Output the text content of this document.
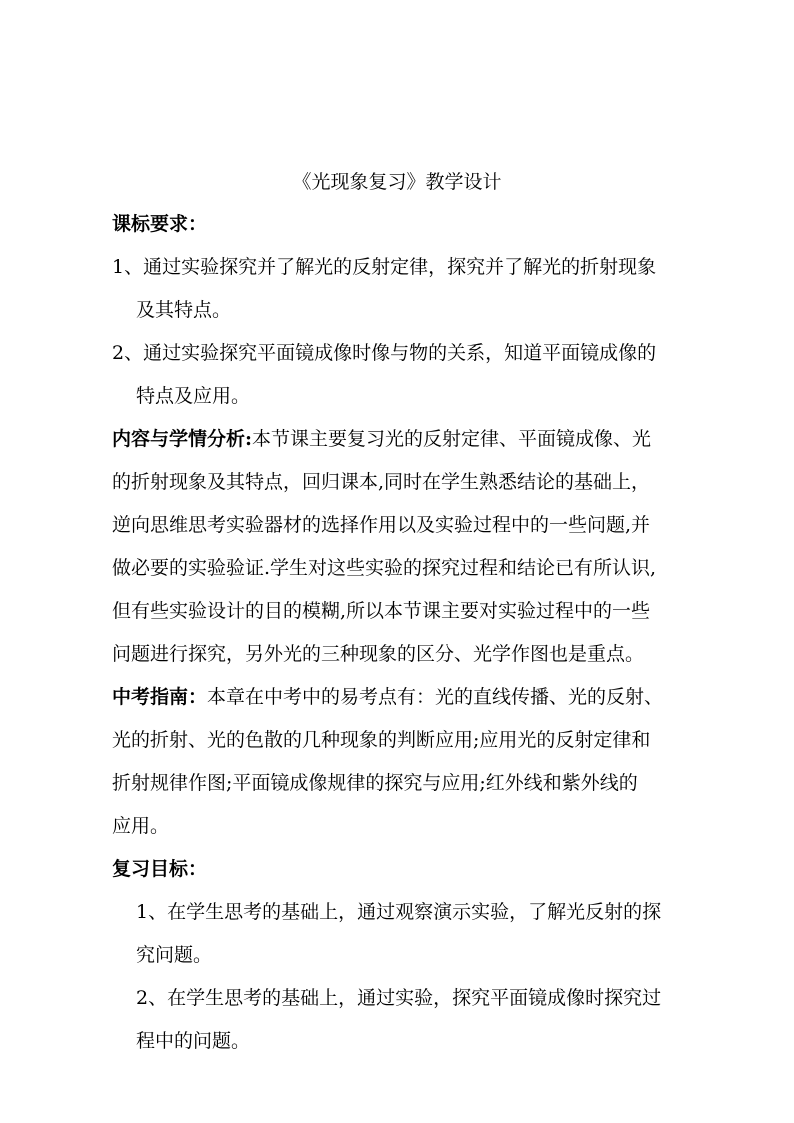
《光现象复习》教学设计
课标要求：
1、通过实验探究并了解光的反射定律，探究并了解光的折射现象
及其特点。
2、通过实验探究平面镜成像时像与物的关系，知道平面镜成像的
特点及应用。
内容与学情分析:本节课主要复习光的反射定律、平面镜成像、光
的折射现象及其特点，回归课本,同时在学生熟悉结论的基础上，
逆向思维思考实验器材的选择作用以及实验过程中的一些问题,并
做必要的实验验证.学生对这些实验的探究过程和结论已有所认识,
但有些实验设计的目的模糊,所以本节课主要对实验过程中的一些
问题进行探究，另外光的三种现象的区分、光学作图也是重点。
中考指南：本章在中考中的易考点有：光的直线传播、光的反射、
光的折射、光的色散的几种现象的判断应用;应用光的反射定律和
折射规律作图;平面镜成像规律的探究与应用;红外线和紫外线的
应用。
复习目标：
1、在学生思考的基础上，通过观察演示实验，了解光反射的探
究问题。
2、在学生思考的基础上，通过实验，探究平面镜成像时探究过
程中的问题。
